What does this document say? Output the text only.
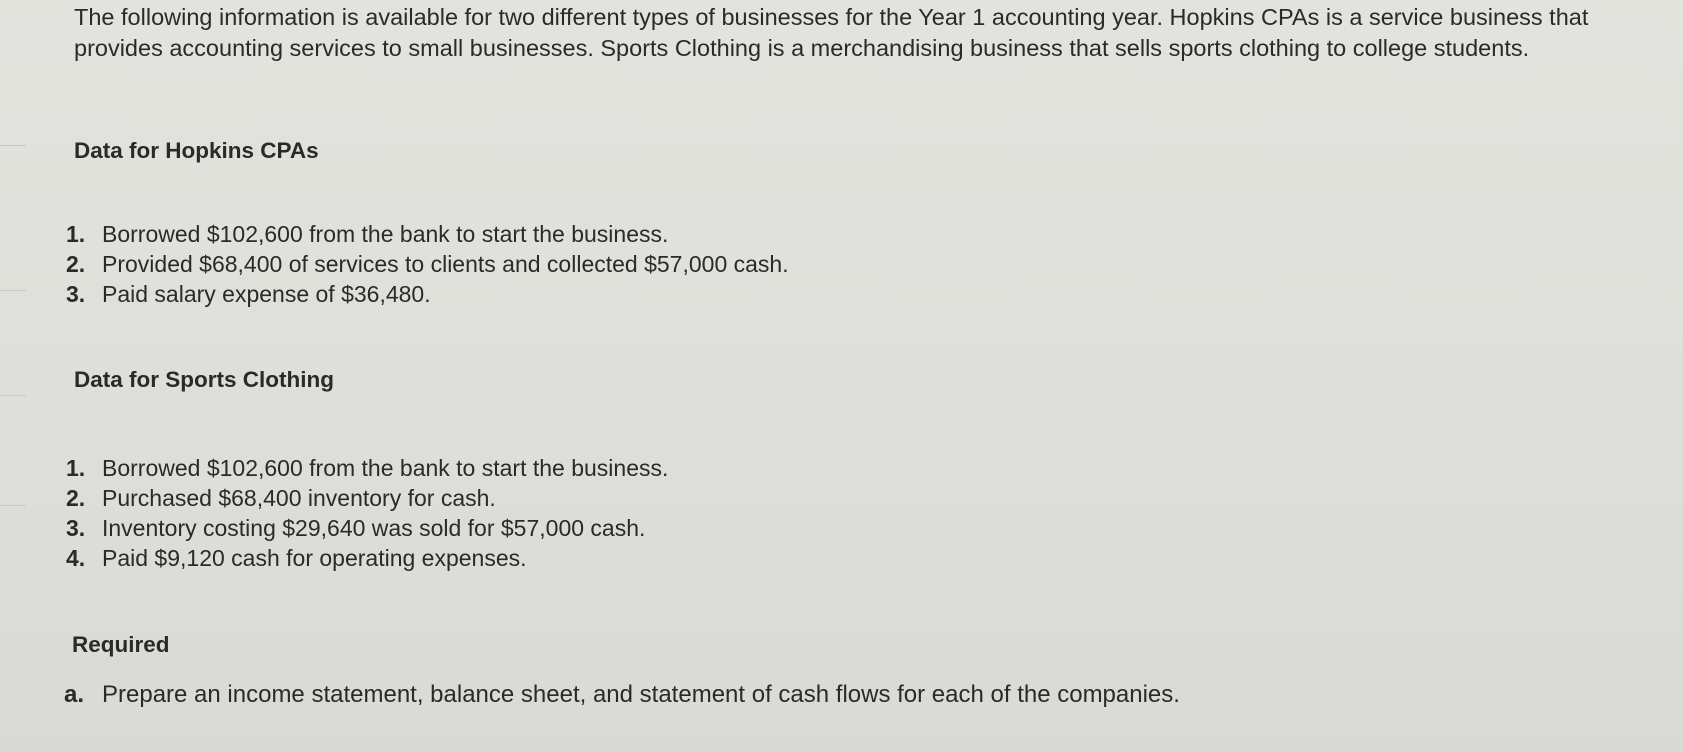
The following information is available for two different types of businesses for the Year 1 accounting year. Hopkins CPAs is a service business that provides accounting services to small businesses. Sports Clothing is a merchandising business that sells sports clothing to college students.

Data for Hopkins CPAs
1. Borrowed $102,600 from the bank to start the business.
2. Provided $68,400 of services to clients and collected $57,000 cash.
3. Paid salary expense of $36,480.
Data for Sports Clothing
1. Borrowed $102,600 from the bank to start the business.
2. Purchased $68,400 inventory for cash.
3. Inventory costing $29,640 was sold for $57,000 cash.
4. Paid $9,120 cash for operating expenses.
Required

a. Prepare an income statement, balance sheet, and statement of cash flows for each of the companies.
